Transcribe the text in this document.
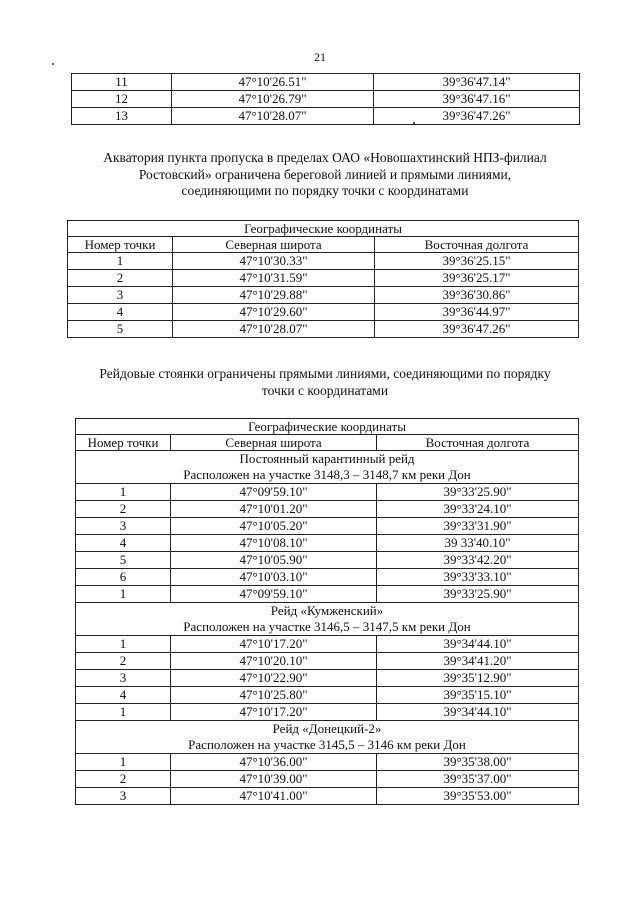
21
11	47°10'26.51"	39°36'47.14"
12	47°10'26.79"	39°36'47.16"
13	47°10'28.07"	39°36'47.26"
Акватория пункта пропуска в пределах ОАО «Новошахтинский НПЗ-филиал
Ростовский» ограничена береговой линией и прямыми линиями,
соединяющими по порядку точки с координатами
Географические координаты		
Номер точки	Северная широта	Восточная долгота
1	47°10'30.33"	39°36'25.15"
2	47°10'31.59"	39°36'25.17"
3	47°10'29.88"	39°36'30.86"
4	47°10'29.60"	39°36'44.97"
5	47°10'28.07"	39°36'47.26"
Рейдовые стоянки ограничены прямыми линиями, соединяющими по порядку
точки с координатами
Географические координаты		
Номер точки	Северная широта	Восточная долгота

Постоянный карантинный рейд
Расположен на участке 3148,3 – 3148,7 км реки Дон		

1	47°09'59.10"	39°33'25.90"
2	47°10'01.20"	39°33'24.10"
3	47°10'05.20"	39°33'31.90"
4	47°10'08.10"	39 33'40.10"
5	47°10'05.90"	39°33'42.20"
6	47°10'03.10"	39°33'33.10"
1	47°09'59.10"	39°33'25.90"

Рейд «Кумженский»
Расположен на участке 3146,5 – 3147,5 км реки Дон		

1	47°10'17.20"	39°34'44.10"
2	47°10'20.10"	39°34'41.20"
3	47°10'22.90"	39°35'12.90"
4	47°10'25.80"	39°35'15.10"
1	47°10'17.20"	39°34'44.10"

Рейд «Донецкий-2»
Расположен на участке 3145,5 – 3146 км реки Дон		

1	47°10'36.00"	39°35'38.00"
2	47°10'39.00"	39°35'37.00"
3	47°10'41.00"	39°35'53.00"
